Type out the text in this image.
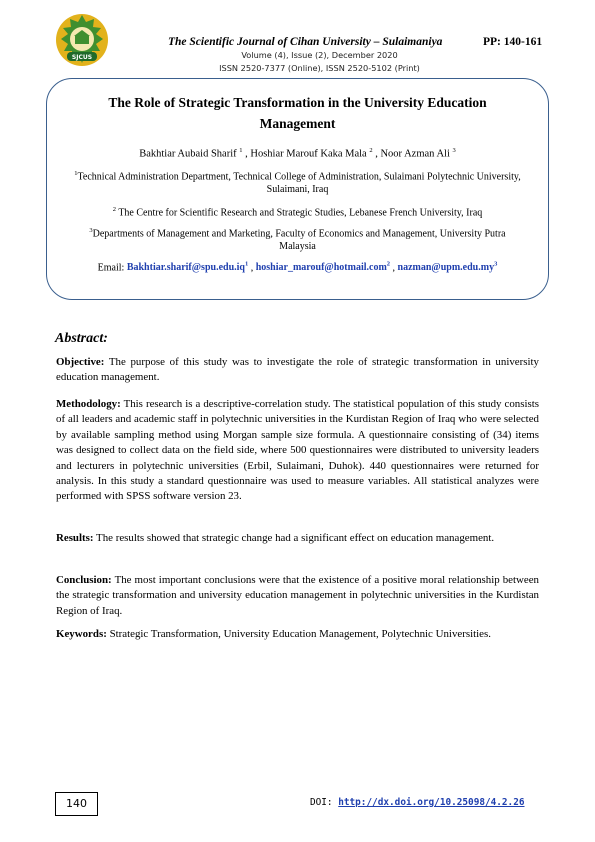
SJCUS
The Scientific Journal of Cihan University – Sulaimaniya	PP: 140-161
Volume (4), Issue (2), December 2020
ISSN 2520-7377 (Online), ISSN 2520-5102 (Print)
The Role of Strategic Transformation in the University Education
Management
Bakhtiar Aubaid Sharif $^1$ , Hoshiar Marouf Kaka Mala $^2$ , Noor Azman Ali $^3$
$^1$Technical Administration Department, Technical College of Administration, Sulaimani Polytechnic University, Sulaimani, Iraq
$^2$ The Centre for Scientific Research and Strategic Studies, Lebanese French University, Iraq
$^3$Departments of Management and Marketing, Faculty of Economics and Management, University Putra Malaysia
Email: $Bakhtiar.sharif@spu.edu.iq^1$ , hoshiar_marouf@hotmail.com$^2$ , $nazman@upm.edu.my^3$
Abstract:

Objective: The purpose of this study was to investigate the role of strategic transformation in university education management.

Methodology: This research is a descriptive-correlation study. The statistical population of this study consists of all leaders and academic staff in polytechnic universities in the Kurdistan Region of Iraq who were selected by available sampling method using Morgan sample size formula. A questionnaire consisting of (34) items was designed to collect data on the field side, where 500 questionnaires were distributed to university leaders and lecturers in polytechnic universities (Erbil, Sulaimani, Duhok). 440 questionnaires were returned for analysis. In this study a standard questionnaire was used to measure variables. All statistical analyzes were performed with SPSS software version 23.

Results: The results showed that strategic change had a significant effect on education management.

Conclusion: The most important conclusions were that the existence of a positive moral relationship between the strategic transformation and university education management in polytechnic universities in the Kurdistan Region of Iraq.

Keywords: Strategic Transformation, University Education Management, Polytechnic Universities.

140	DOI: http://dx.doi.org/10.25098/4.2.26
